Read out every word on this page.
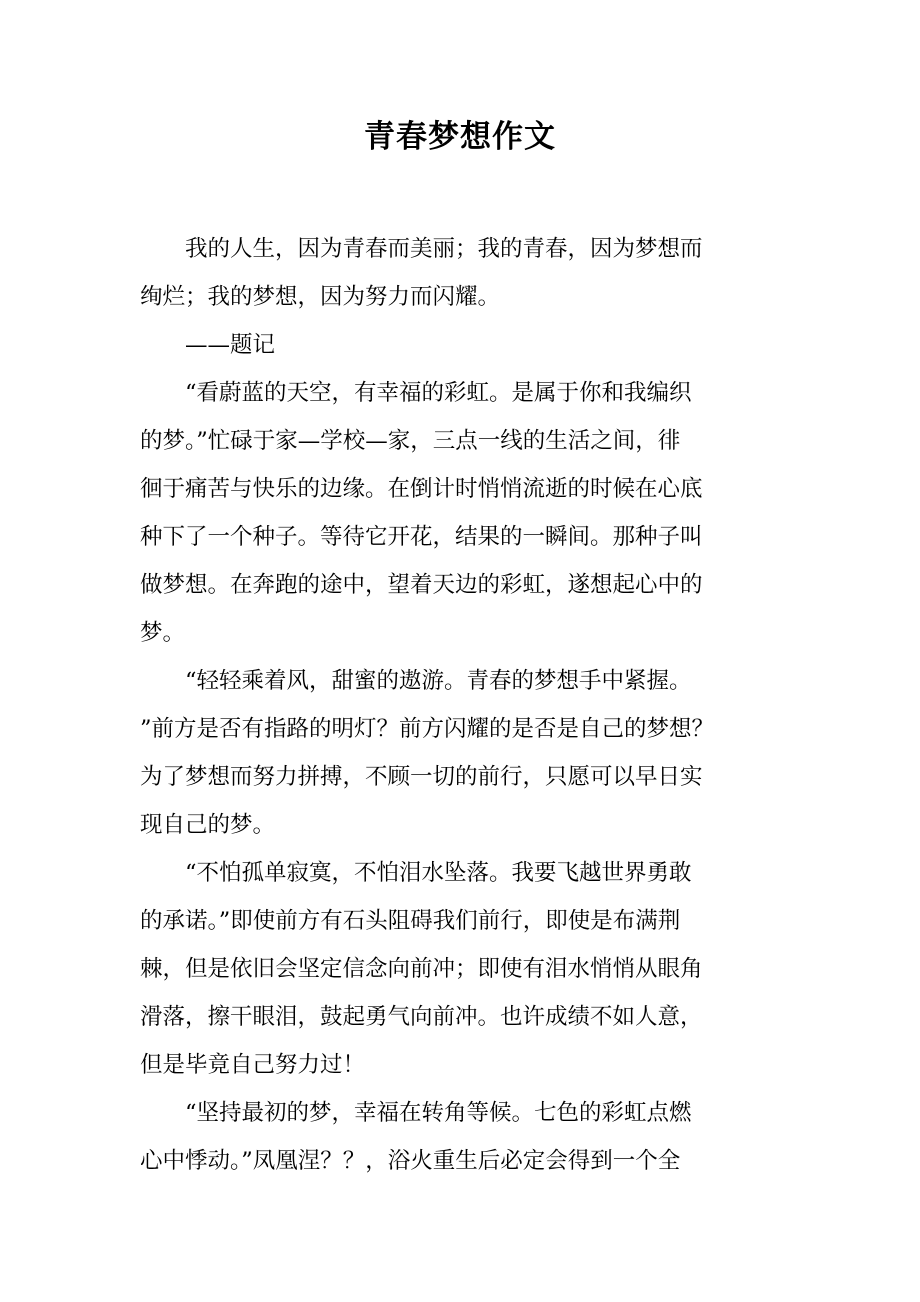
青春梦想作文

　　我的人生，因为青春而美丽；我的青春，因为梦想而

绚烂；我的梦想，因为努力而闪耀。

　　——题记

　　“看蔚蓝的天空，有幸福的彩虹。是属于你和我编织

的梦。”忙碌于家—学校—家，三点一线的生活之间，徘

徊于痛苦与快乐的边缘。在倒计时悄悄流逝的时候在心底

种下了一个种子。等待它开花，结果的一瞬间。那种子叫

做梦想。在奔跑的途中，望着天边的彩虹，遂想起心中的

梦。

　　“轻轻乘着风，甜蜜的遨游。青春的梦想手中紧握。

”前方是否有指路的明灯？前方闪耀的是否是自己的梦想？

为了梦想而努力拼搏，不顾一切的前行，只愿可以早日实

现自己的梦。

　　“不怕孤单寂寞，不怕泪水坠落。我要飞越世界勇敢

的承诺。”即使前方有石头阻碍我们前行，即使是布满荆

棘，但是依旧会坚定信念向前冲；即使有泪水悄悄从眼角

滑落，擦干眼泪，鼓起勇气向前冲。也许成绩不如人意，

但是毕竟自己努力过！

　　“坚持最初的梦，幸福在转角等候。七色的彩虹点燃

心中悸动。”凤凰涅？？，浴火重生后必定会得到一个全
